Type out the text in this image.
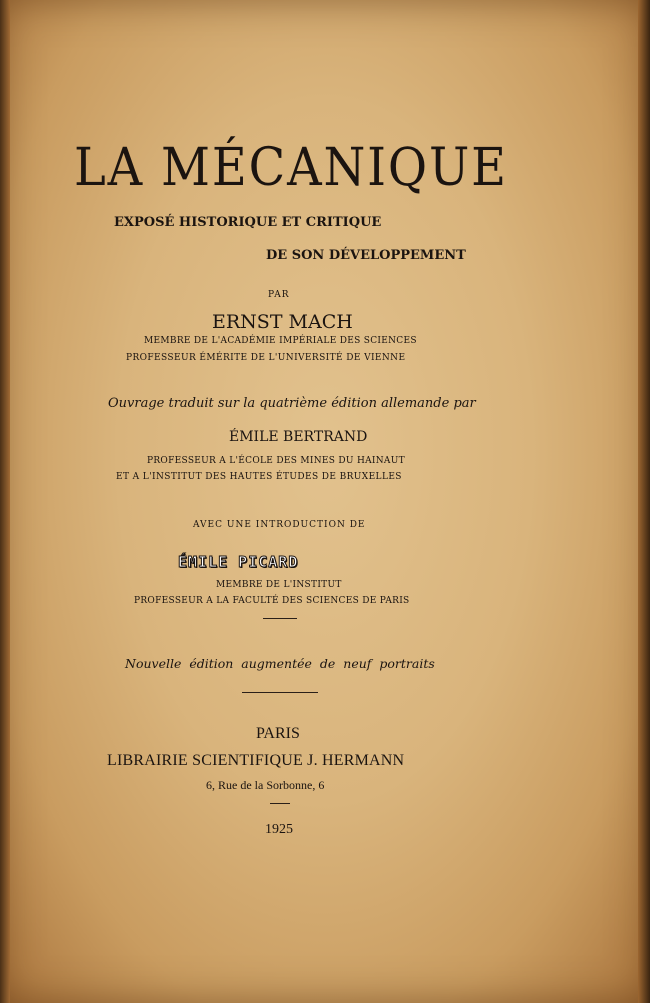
LA MÉCANIQUE
EXPOSÉ HISTORIQUE ET CRITIQUE
DE SON DÉVELOPPEMENT
PAR
ERNST MACH
MEMBRE DE L'ACADÉMIE IMPÉRIALE DES SCIENCES
PROFESSEUR ÉMÉRITE DE L'UNIVERSITÉ DE VIENNE
Ouvrage traduit sur la quatrième édition allemande par
ÉMILE BERTRAND
PROFESSEUR A L'ÉCOLE DES MINES DU HAINAUT
ET A L'INSTITUT DES HAUTES ÉTUDES DE BRUXELLES
AVEC UNE INTRODUCTION DE
ÉMILE PICARD
MEMBRE DE L'INSTITUT
PROFESSEUR A LA FACULTÉ DES SCIENCES DE PARIS
Nouvelle édition augmentée de neuf portraits
PARIS
LIBRAIRIE SCIENTIFIQUE J. HERMANN
6, Rue de la Sorbonne, 6
1925
